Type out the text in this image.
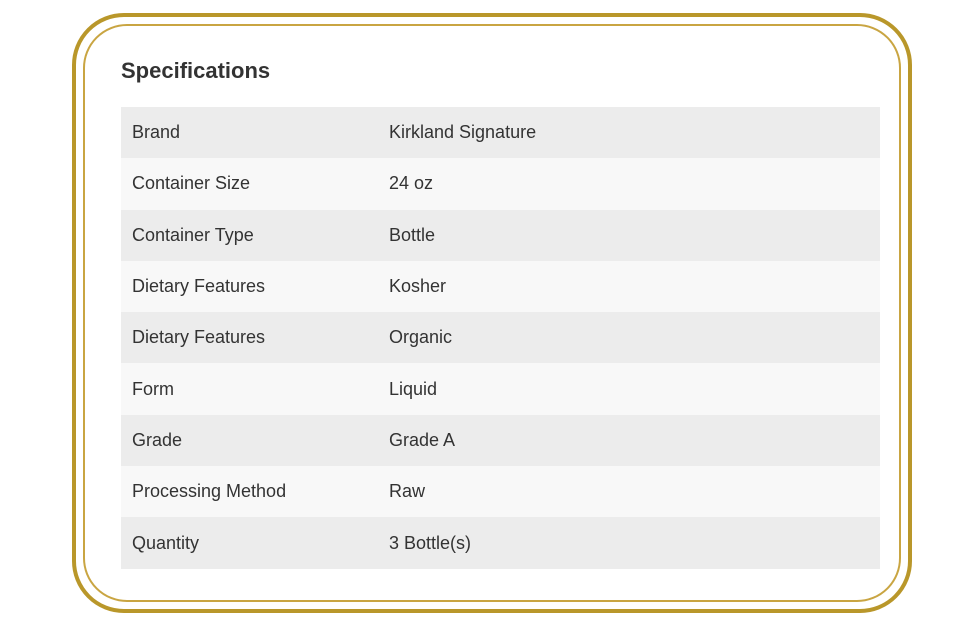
Specifications
Brand	Kirkland Signature
Container Size	24 oz
Container Type	Bottle
Dietary Features	Kosher
Dietary Features	Organic
Form	Liquid
Grade	Grade A
Processing Method	Raw
Quantity	3 Bottle(s)
